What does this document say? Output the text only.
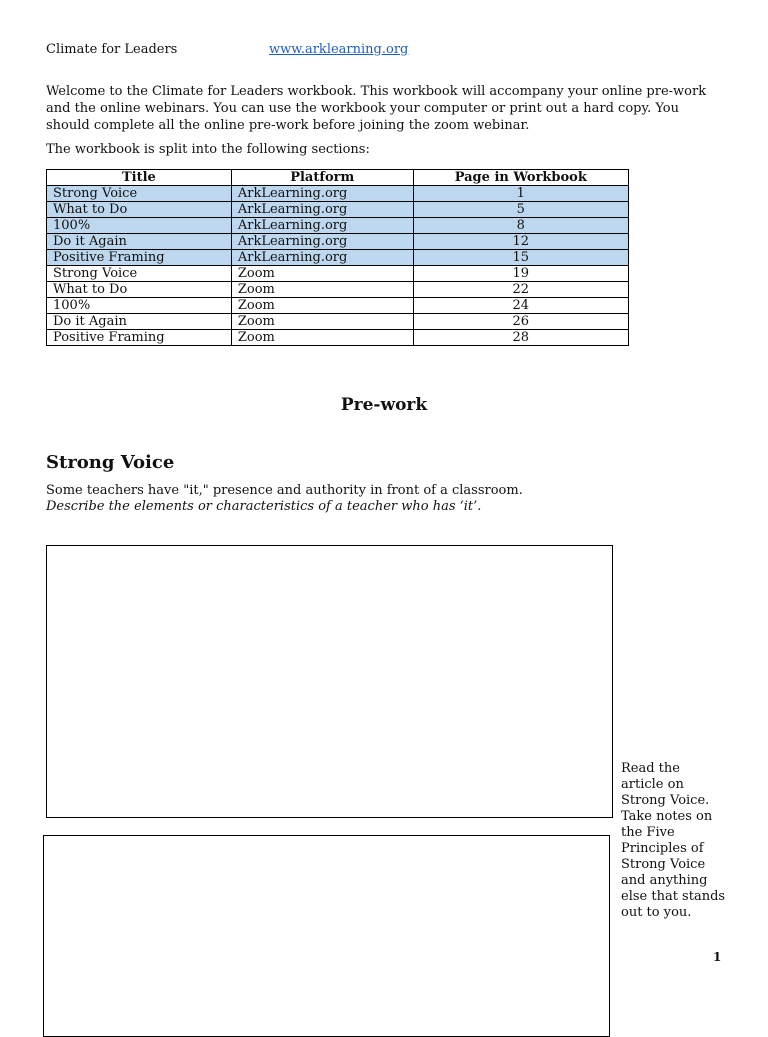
Climate for Leaders	www.arklearning.org
Welcome to the Climate for Leaders workbook. This workbook will accompany your online pre-work and the online webinars. You can use the workbook your computer or print out a hard copy. You should complete all the online pre-work before joining the zoom webinar.
The workbook is split into the following sections:
Title	Platform	Page in Workbook
Strong Voice	ArkLearning.org	1
What to Do	ArkLearning.org	5
100%	ArkLearning.org	8
Do it Again	ArkLearning.org	12
Positive Framing	ArkLearning.org	15
Strong Voice	Zoom	19
What to Do	Zoom	22
100%	Zoom	24
Do it Again	Zoom	26
Positive Framing	Zoom	28
Pre-work
Strong Voice
Some teachers have "it," presence and authority in front of a classroom.
Describe the elements or characteristics of a teacher who has ‘it’.
Read the article on Strong Voice. Take notes on the Five Principles of Strong Voice and anything else that stands out to you.
1
